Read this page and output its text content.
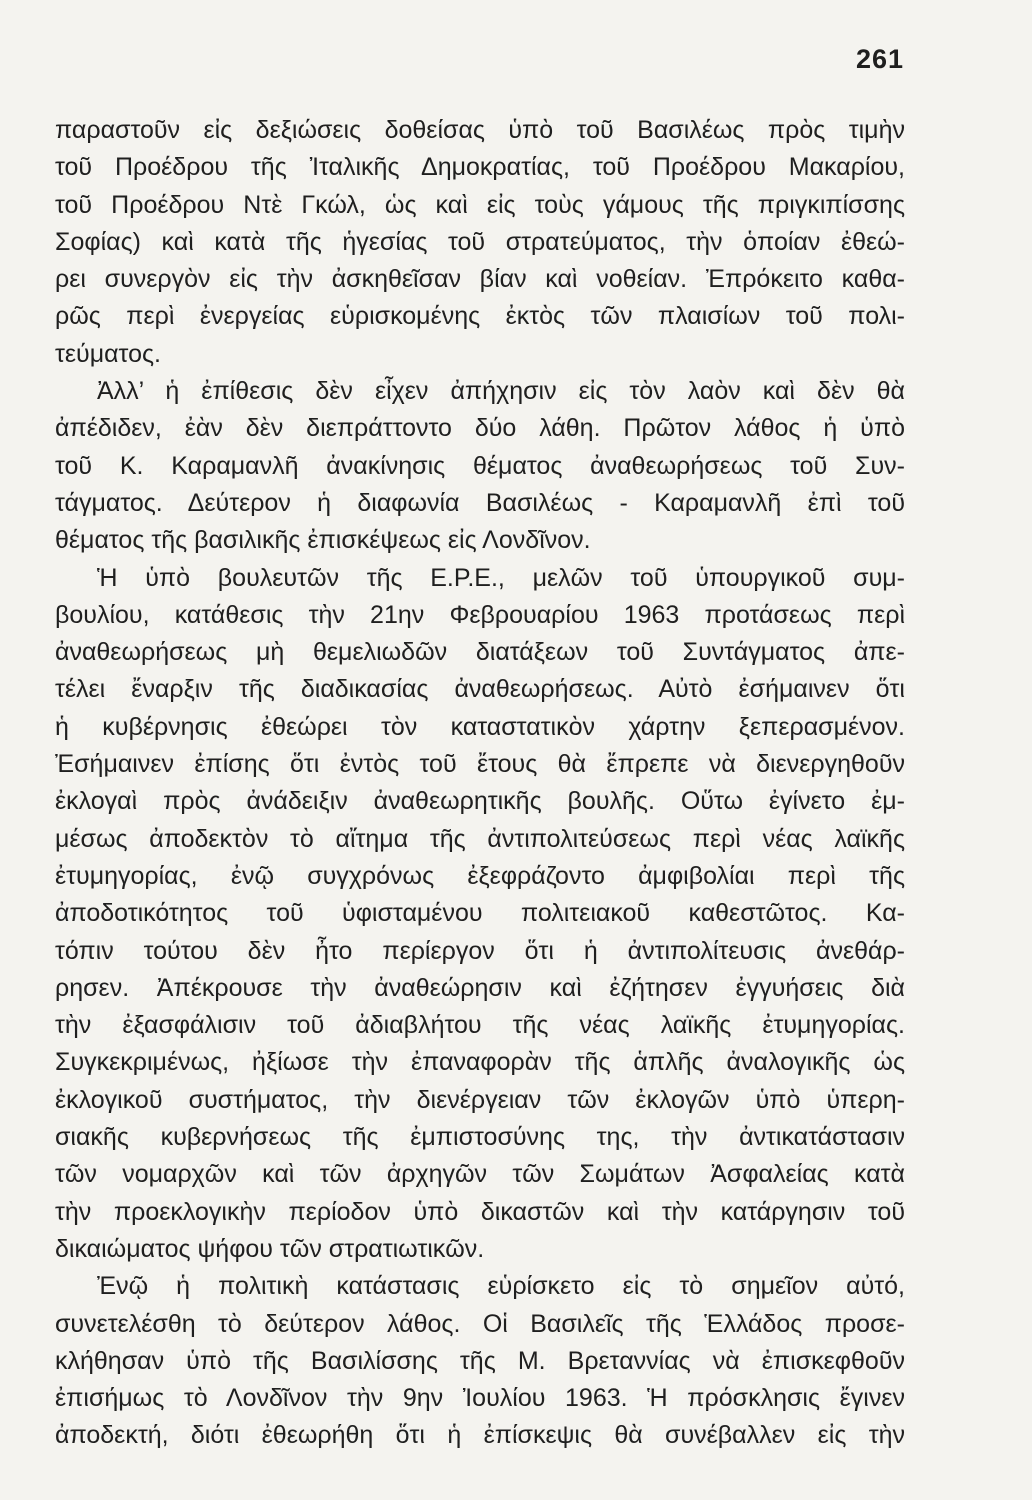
261
παραστοῦν εἰς δεξιώσεις δοθείσας ὑπὸ τοῦ Βασιλέως πρὸς τιμὴν
τοῦ Προέδρου τῆς Ἰταλικῆς Δημοκρατίας, τοῦ Προέδρου Μακαρίου,
τοῦ Προέδρου Ντὲ Γκώλ, ὡς καὶ εἰς τοὺς γάμους τῆς πριγκιπίσσης
Σοφίας) καὶ κατὰ τῆς ἡγεσίας τοῦ στρατεύματος, τὴν ὁποίαν ἐθεώ-
ρει συνεργὸν εἰς τὴν ἀσκηθεῖσαν βίαν καὶ νοθείαν. Ἐπρόκειτο καθα-
ρῶς περὶ ἐνεργείας εὑρισκομένης ἐκτὸς τῶν πλαισίων τοῦ πολι-
τεύματος.
Ἀλλ’ ἡ ἐπίθεσις δὲν εἶχεν ἀπήχησιν εἰς τὸν λαὸν καὶ δὲν θὰ
ἀπέδιδεν, ἐὰν δὲν διεπράττοντο δύο λάθη. Πρῶτον λάθος ἡ ὑπὸ
τοῦ Κ. Καραμανλῆ ἀνακίνησις θέματος ἀναθεωρήσεως τοῦ Συν-
τάγματος. Δεύτερον ἡ διαφωνία Βασιλέως - Καραμανλῆ ἐπὶ τοῦ
θέματος τῆς βασιλικῆς ἐπισκέψεως εἰς Λονδῖνον.
Ἡ ὑπὸ βουλευτῶν τῆς Ε.Ρ.Ε., μελῶν τοῦ ὑπουργικοῦ συμ-
βουλίου, κατάθεσις τὴν 21ην Φεβρουαρίου 1963 προτάσεως περὶ
ἀναθεωρήσεως μὴ θεμελιωδῶν διατάξεων τοῦ Συντάγματος ἀπε-
τέλει ἔναρξιν τῆς διαδικασίας ἀναθεωρήσεως. Αὐτὸ ἐσήμαινεν ὅτι
ἡ κυβέρνησις ἐθεώρει τὸν καταστατικὸν χάρτην ξεπερασμένον.
Ἐσήμαινεν ἐπίσης ὅτι ἐντὸς τοῦ ἔτους θὰ ἔπρεπε νὰ διενεργηθοῦν
ἐκλογαὶ πρὸς ἀνάδειξιν ἀναθεωρητικῆς βουλῆς. Οὕτω ἐγίνετο ἐμ-
μέσως ἀποδεκτὸν τὸ αἴτημα τῆς ἀντιπολιτεύσεως περὶ νέας λαϊκῆς
ἐτυμηγορίας, ἐνῷ συγχρόνως ἐξεφράζοντο ἀμφιβολίαι περὶ τῆς
ἀποδοτικότητος τοῦ ὑφισταμένου πολιτειακοῦ καθεστῶτος. Κα-
τόπιν τούτου δὲν ἦτο περίεργον ὅτι ἡ ἀντιπολίτευσις ἀνεθάρ-
ρησεν. Ἀπέκρουσε τὴν ἀναθεώρησιν καὶ ἐζήτησεν ἐγγυήσεις διὰ
τὴν ἐξασφάλισιν τοῦ ἀδιαβλήτου τῆς νέας λαϊκῆς ἐτυμηγορίας.
Συγκεκριμένως, ἠξίωσε τὴν ἐπαναφορὰν τῆς ἁπλῆς ἀναλογικῆς ὡς
ἐκλογικοῦ συστήματος, τὴν διενέργειαν τῶν ἐκλογῶν ὑπὸ ὑπερη-
σιακῆς κυβερνήσεως τῆς ἐμπιστοσύνης της, τὴν ἀντικατάστασιν
τῶν νομαρχῶν καὶ τῶν ἀρχηγῶν τῶν Σωμάτων Ἀσφαλείας κατὰ
τὴν προεκλογικὴν περίοδον ὑπὸ δικαστῶν καὶ τὴν κατάργησιν τοῦ
δικαιώματος ψήφου τῶν στρατιωτικῶν.
Ἐνῷ ἡ πολιτικὴ κατάστασις εὑρίσκετο εἰς τὸ σημεῖον αὐτό,
συνετελέσθη τὸ δεύτερον λάθος. Οἱ Βασιλεῖς τῆς Ἑλλάδος προσε-
κλήθησαν ὑπὸ τῆς Βασιλίσσης τῆς Μ. Βρεταννίας νὰ ἐπισκεφθοῦν
ἐπισήμως τὸ Λονδῖνον τὴν 9ην Ἰουλίου 1963. Ἡ πρόσκλησις ἔγινεν
ἀποδεκτή, διότι ἐθεωρήθη ὅτι ἡ ἐπίσκεψις θὰ συνέβαλλεν εἰς τὴν
